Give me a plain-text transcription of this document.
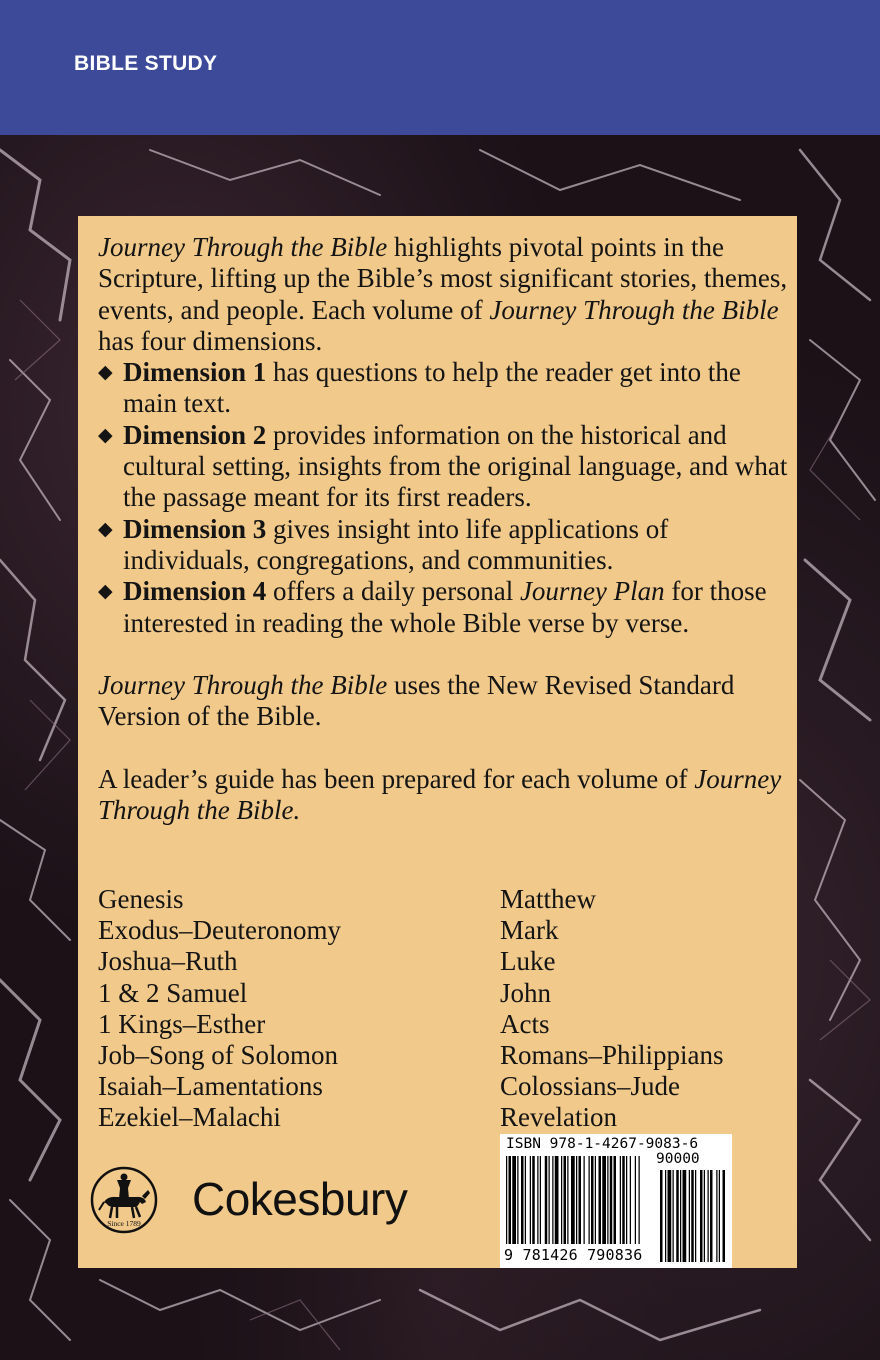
BIBLE STUDY

Journey Through the Bible highlights pivotal points in the Scripture, lifting up the Bible’s most significant stories, themes, events, and people. Each volume of Journey Through the Bible has four dimensions.

◆ Dimension 1 has questions to help the reader get into the main text.

◆ Dimension 2 provides information on the historical and cultural setting, insights from the original language, and what the passage meant for its first readers.

◆ Dimension 3 gives insight into life applications of individuals, congregations, and communities.

◆ Dimension 4 offers a daily personal Journey Plan for those interested in reading the whole Bible verse by verse.

Journey Through the Bible uses the New Revised Standard Version of the Bible.

A leader’s guide has been prepared for each volume of Journey Through the Bible.

Genesis
Exodus–Deuteronomy
Joshua–Ruth
1 & 2 Samuel
1 Kings–Esther
Job–Song of Solomon
Isaiah–Lamentations
Ezekiel–Malachi
Matthew
Mark
Luke
John
Acts
Romans–Philippians
Colossians–Jude
Revelation
Since 1789 Cokesbury
ISBN 978-1-4267-9083-6
90000
9 781426 790836
